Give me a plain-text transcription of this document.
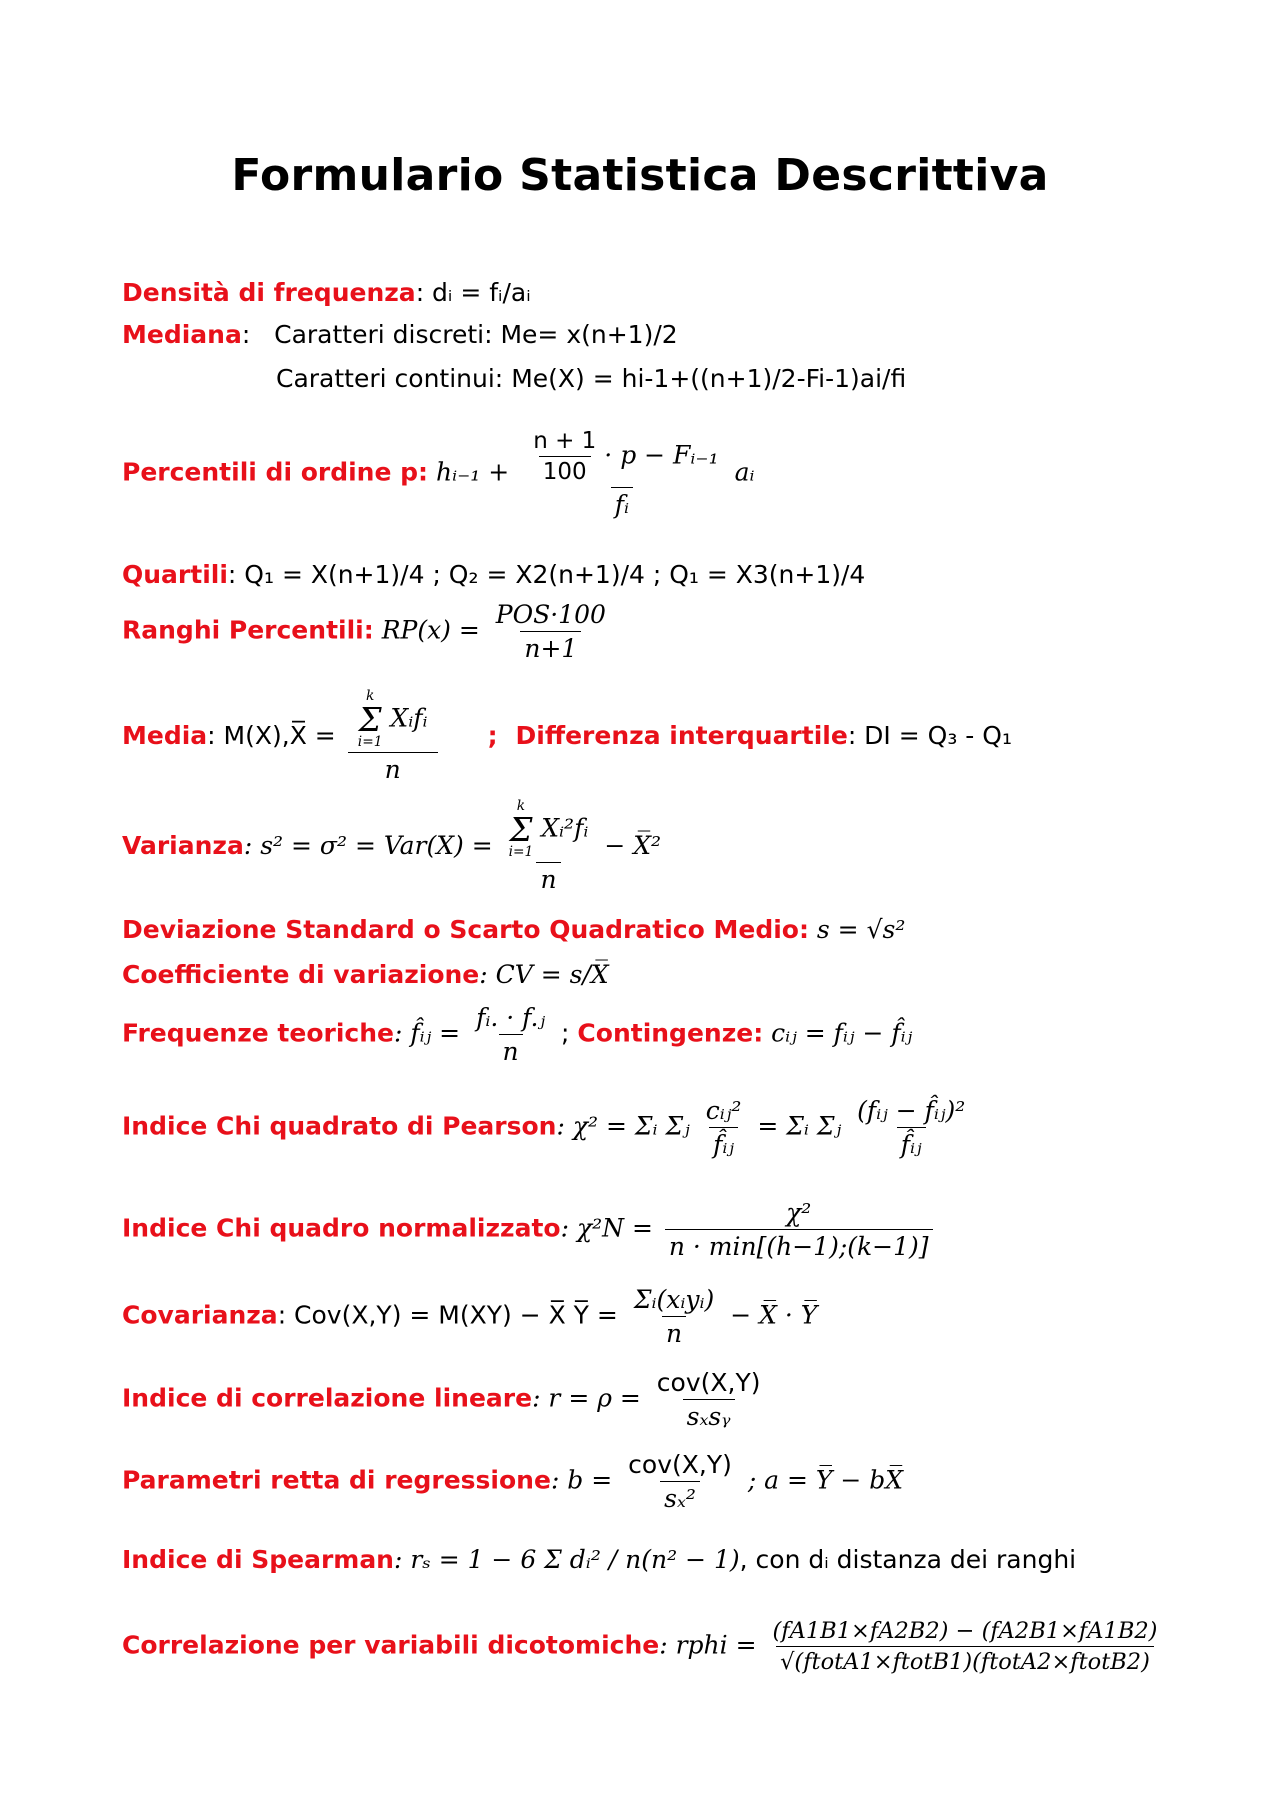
Formulario Statistica Descrittiva
Densità di frequenza: dᵢ = fᵢ/aᵢ
Mediana:   Caratteri discreti: Me= x(n+1)/2
Caratteri continui: Me(X) = hi-1+((n+1)/2-Fi-1)ai/fi
Percentili di ordine p: hᵢ₋₁ + $\frac{\frac{n + 1}{100} \cdot p - Fᵢ_{-1}}{\text{fᵢ}}$ aᵢ
Quartili: Q₁ = X(n+1)/4 ; Q₂ = X2(n+1)/4 ; Q₁ = X3(n+1)/4
Ranghi Percentili: $RP(x) = \frac{\text{POS·100}}{n+1}$
Media: M(X),X̅ = k
Σ
i=1
Xᵢfᵢ
n ; Differenza interquartile: DI = Q₃ - Q₁
Varianza: s² = σ² = Var(X) = k
Σ
i=1
Xᵢ²fᵢ
n − X̅²
Deviazione Standard o Scarto Quadratico Medio: s = √s²
Coefficiente di variazione: CV = s/X̅
Frequenze teoriche: f̂ᵢⱼ = $\frac{\text{fᵢ. · f.ⱼ}}{n}$ ; Contingenze: cᵢⱼ = fᵢⱼ − f̂ᵢⱼ
Indice Chi quadrato di Pearson: χ² = Σᵢ Σⱼ $\frac{\text{cᵢⱼ²}}{\text{f̂ᵢⱼ}}$ = Σᵢ Σⱼ $\frac{\text{(fᵢⱼ − f̂ᵢⱼ)²}}{\text{f̂ᵢⱼ}}$
Indice Chi quadro normalizzato: $\chi^2N = \frac{\text{χ²}}{n \cdot \min[(h-1);(k-1)]}$
Covarianza: Cov(X,Y) = M(XY) − X̅ Y̅ = $\frac{\text{Σᵢ(xᵢyᵢ)}}{n}$ − X̅ · Y̅
Indice di correlazione lineare: $r = \rho = \frac{\text{cov(X,Y)}}{\text{sₓsᵧ}}$
Parametri retta di regressione: $b = \frac{\text{cov(X,Y)}}{\text{sₓ²}}$ ; a = Y̅ − bX̅
Indice di Spearman: rₛ = 1 − 6 Σ dᵢ² / n(n² − 1), con dᵢ distanza dei ranghi
Correlazione per variabili dicotomiche: rphi = $\frac{(fA1B1\times fA2B2) - (fA2B1\times fA1B2)}{\text{√(ftotA1×ftotB1)(ftotA2×ftotB2)}}$
